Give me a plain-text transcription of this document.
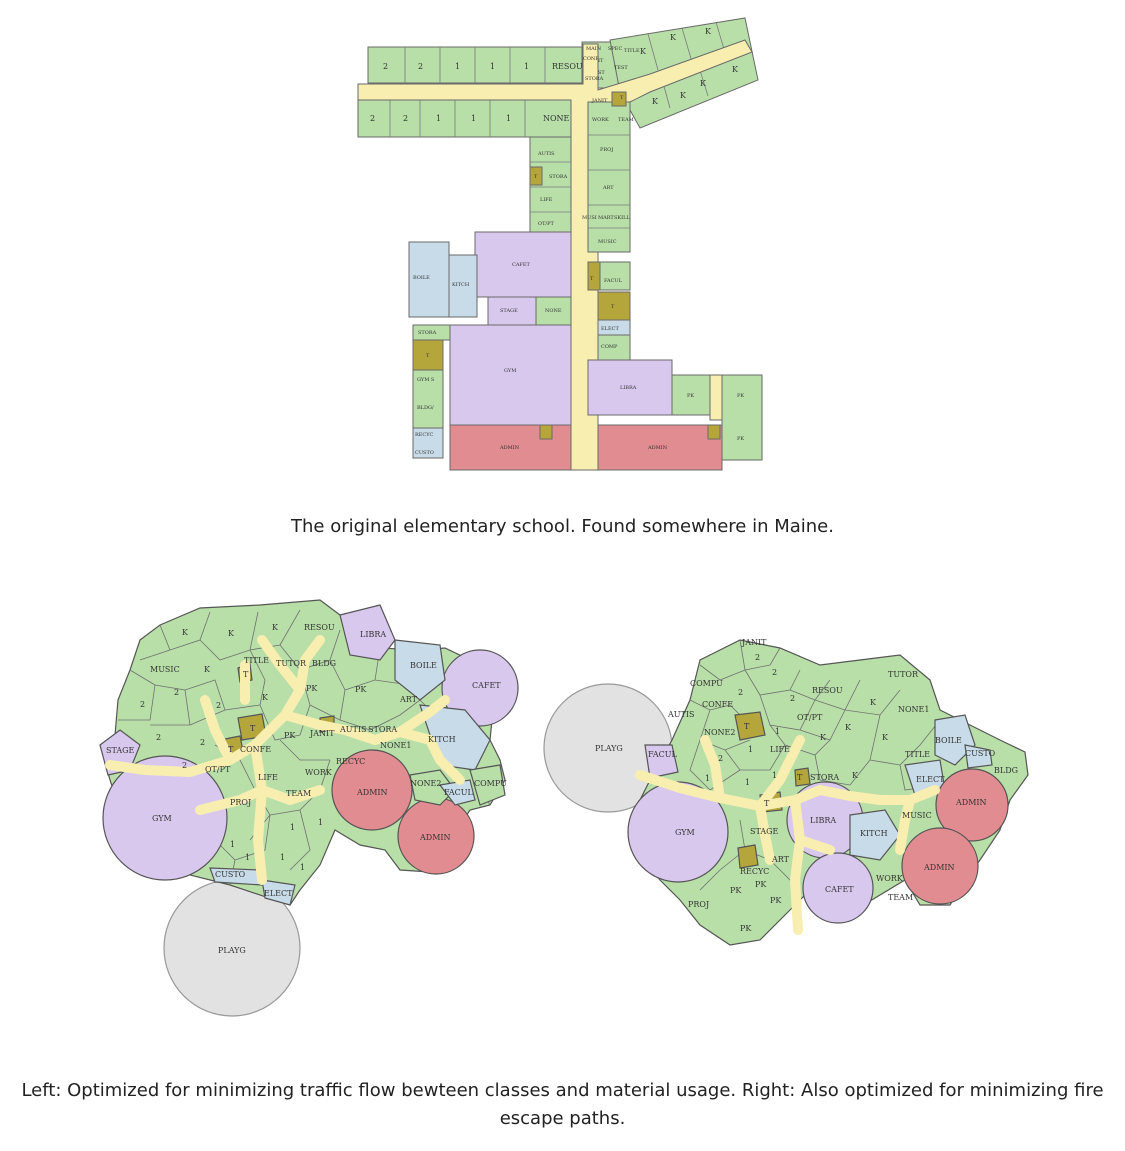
2	2	1	1	1	RESOU
2	2	1	1	1	NONE
MAIN SPEC TITLE
CONF IT
TEST
STORA
ST
K
K
K
K
K
K
K
JANIT
WORK TEAM
T
AUTIS
PROJ
STORA
T
LIFE
ART
OT/PT
MUSI MART SKILL
MUSIC
CAFET
BOILE
KITCH
FACUL
T
T
STAGE	NONE
ELECT
COMP
STORA
T
GYM
GYM S
BLDG/
RECYC
CUSTO
LIBRA
PK	PK
PK
ADMIN	ADMIN
K	K
K
K
RESOU
LIBRA
BOILE
CAFET
MUSIC
TITLE TUTOR BLDG
ART
PK
PK
K
2
2	2
2
2
2
T
T
T
STAGE	CONFE
PK JANIT AUTIS STORA
KITCH
NONE1
OT/PT
LIFE
WORK
RECYC
TEAM
PROJ
NONE2
FACUL
COMPU
ADMIN
ADMIN
GYM
CUSTO
ELECT
PLAYG
1
1
1
1
1
1
JANIT
COMPU
RESOU
TUTOR
AUTIS
CONFE
NONE1
NONE2
T
T
T
OT/PT
K
K
K
K
K
BOILE
CUSTO
TITLE
ELECT
BLDG
FACUL
LIFE
STORA
ADMIN
ADMIN
MUSIC
LIBRA
KITCH
GYM	STAGE
ART
RECYC
CAFET
WORK
TEAM
PROJ
PK
PK
PK
PK
PLAYG
2
2
2
2
2
1
1
1
1	1
The original elementary school. Found somewhere in Maine.
Left: Optimized for minimizing traffic flow bewteen classes and material usage. Right: Also optimized for minimizing fire escape paths.
